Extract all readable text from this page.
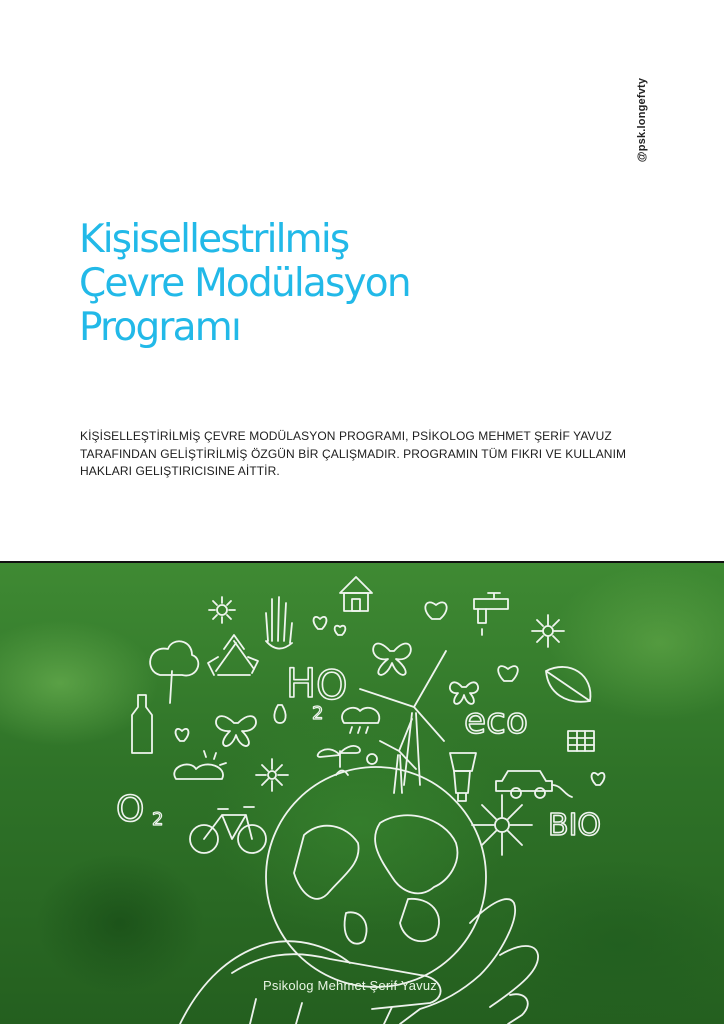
@psk.longefvty
Kişisellestrilmiş
Çevre Modülasyon
Programı

KİŞİSELLEŞTİRİLMİŞ ÇEVRE MODÜLASYON PROGRAMI, PSİKOLOG MEHMET ŞERİF YAVUZ TARAFINDAN GELİŞTİRİLMİŞ ÖZGÜN BİR ÇALIŞMADIR. PROGRAMIN TÜM FIKRI VE KULLANIM HAKLARI GELIŞTIRICISINE AİTTİR.

H O
2	eco
O 2	BIO

Psikolog Mehmet Şerif Yavuz
